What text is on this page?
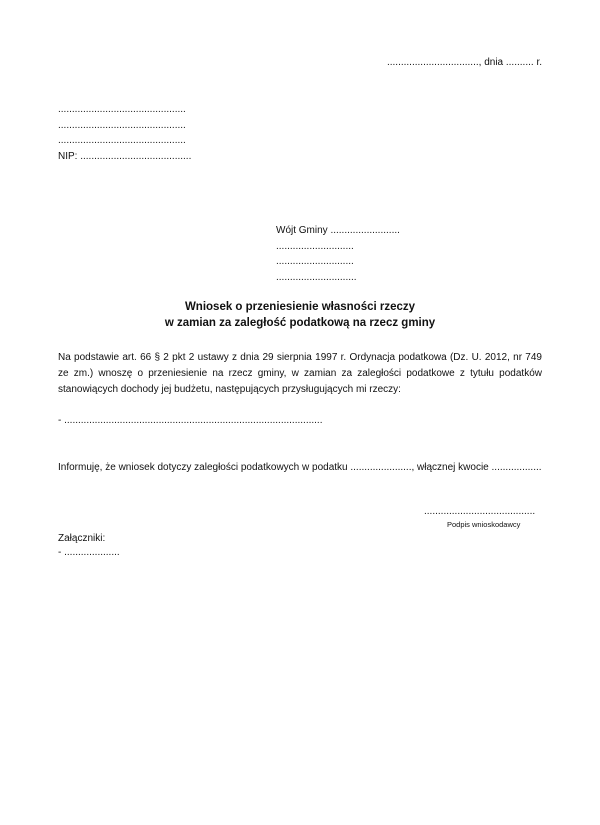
................................., dnia .......... r.
..............................................
..............................................
..............................................
NIP: ........................................
Wójt Gminy .........................
............................
............................
.............................
Wniosek o przeniesienie własności rzeczy
w zamian za zaległość podatkową na rzecz gminy
Na podstawie art. 66 § 2 pkt 2 ustawy z dnia 29 sierpnia 1997 r. Ordynacja podatkowa (Dz. U. 2012, nr 749 ze zm.) wnoszę o przeniesienie na rzecz gminy, w zamian za zaległości podatkowe z tytułu podatków stanowiących dochody jej budżetu, następujących przysługujących mi rzeczy:
- .............................................................................................
Informuję, że wniosek dotyczy zaległości podatkowych w podatku ......................, włącznej kwocie ..................
........................................
Podpis wnioskodawcy
Załączniki:
- ....................
